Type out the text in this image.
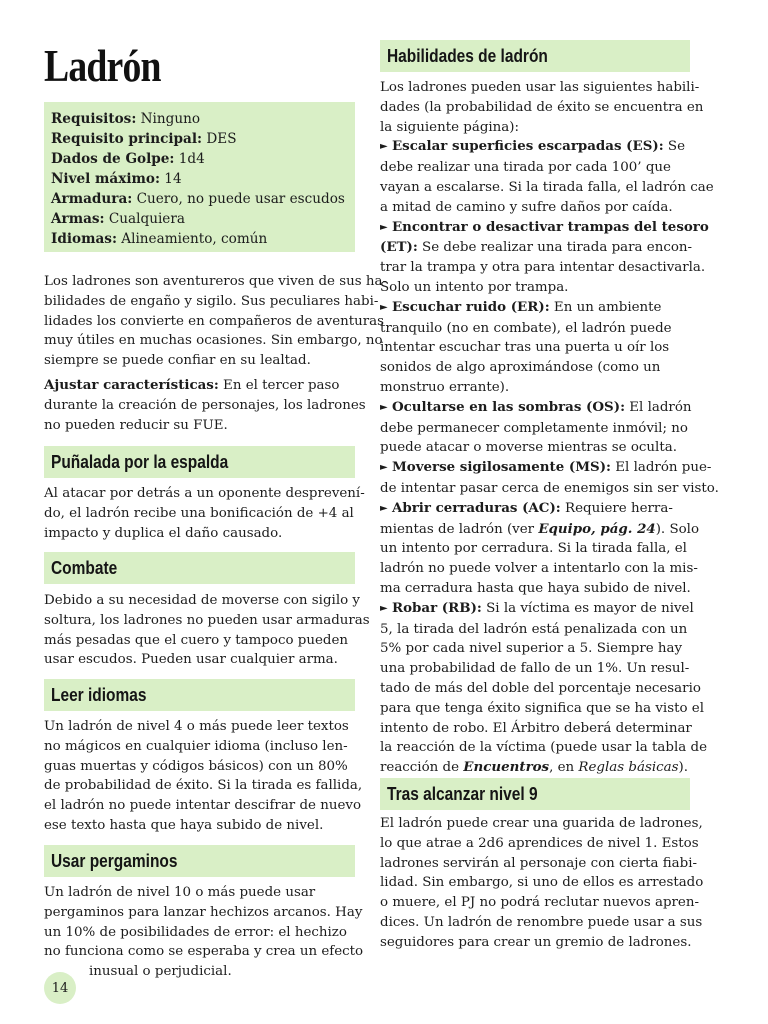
Ladrón
Requisitos: Ninguno
Requisito principal: DES
Dados de Golpe: 1d4
Nivel máximo: 14
Armadura: Cuero, no puede usar escudos
Armas: Cualquiera
Idiomas: Alineamiento, común
Los ladrones son aventureros que viven de sus ha-
bilidades de engaño y sigilo. Sus peculiares habi-
lidades los convierte en compañeros de aventuras
muy útiles en muchas ocasiones. Sin embargo, no
siempre se puede confiar en su lealtad.
Ajustar características: En el tercer paso
durante la creación de personajes, los ladrones
no pueden reducir su FUE.
Puñalada por la espalda
Al atacar por detrás a un oponente desprevení-
do, el ladrón recibe una bonificación de +4 al
impacto y duplica el daño causado.
Combate
Debido a su necesidad de moverse con sigilo y
soltura, los ladrones no pueden usar armaduras
más pesadas que el cuero y tampoco pueden
usar escudos. Pueden usar cualquier arma.
Leer idiomas
Un ladrón de nivel 4 o más puede leer textos
no mágicos en cualquier idioma (incluso len-
guas muertas y códigos básicos) con un 80%
de probabilidad de éxito. Si la tirada es fallida,
el ladrón no puede intentar descifrar de nuevo
ese texto hasta que haya subido de nivel.
Usar pergaminos
Un ladrón de nivel 10 o más puede usar
pergaminos para lanzar hechizos arcanos. Hay
un 10% de posibilidades de error: el hechizo
no funciona como se esperaba y crea un efecto
inusual o perjudicial.
14
Habilidades de ladrón
Los ladrones pueden usar las siguientes habili-
dades (la probabilidad de éxito se encuentra en
la siguiente página):
► Escalar superficies escarpadas (ES): Se
debe realizar una tirada por cada 100’ que
vayan a escalarse. Si la tirada falla, el ladrón cae
a mitad de camino y sufre daños por caída.
► Encontrar o desactivar trampas del tesoro
(ET): Se debe realizar una tirada para encon-
trar la trampa y otra para intentar desactivarla.
Solo un intento por trampa.
► Escuchar ruido (ER): En un ambiente
tranquilo (no en combate), el ladrón puede
intentar escuchar tras una puerta u oír los
sonidos de algo aproximándose (como un
monstruo errante).
► Ocultarse en las sombras (OS): El ladrón
debe permanecer completamente inmóvil; no
puede atacar o moverse mientras se oculta.
► Moverse sigilosamente (MS): El ladrón pue-
de intentar pasar cerca de enemigos sin ser visto.
► Abrir cerraduras (AC): Requiere herra-
mientas de ladrón (ver Equipo, pág. 24). Solo
un intento por cerradura. Si la tirada falla, el
ladrón no puede volver a intentarlo con la mis-
ma cerradura hasta que haya subido de nivel.
► Robar (RB): Si la víctima es mayor de nivel
5, la tirada del ladrón está penalizada con un
5% por cada nivel superior a 5. Siempre hay
una probabilidad de fallo de un 1%. Un resul-
tado de más del doble del porcentaje necesario
para que tenga éxito significa que se ha visto el
intento de robo. El Árbitro deberá determinar
la reacción de la víctima (puede usar la tabla de
reacción de Encuentros, en Reglas básicas).
Tras alcanzar nivel 9
El ladrón puede crear una guarida de ladrones,
lo que atrae a 2d6 aprendices de nivel 1. Estos
ladrones servirán al personaje con cierta fiabi-
lidad. Sin embargo, si uno de ellos es arrestado
o muere, el PJ no podrá reclutar nuevos apren-
dices. Un ladrón de renombre puede usar a sus
seguidores para crear un gremio de ladrones.
